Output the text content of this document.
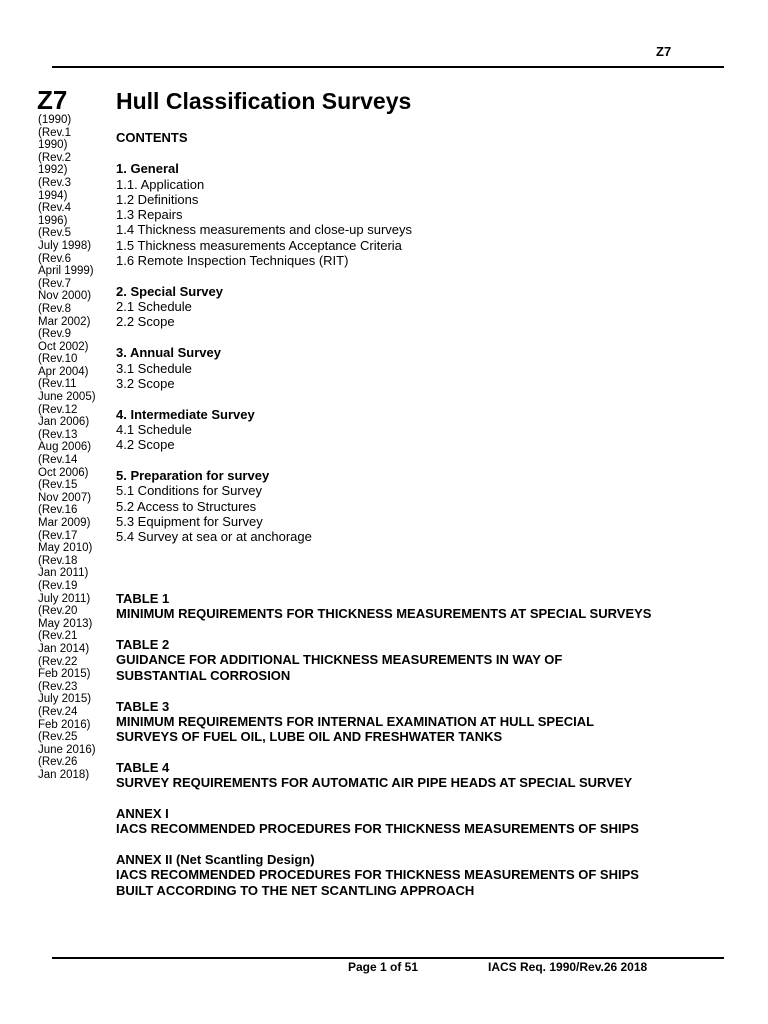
Z7
Z7
(1990)
(Rev.1
1990)
(Rev.2
1992)
(Rev.3
1994)
(Rev.4
1996)
(Rev.5
July 1998)
(Rev.6
April 1999)
(Rev.7
Nov 2000)
(Rev.8
Mar 2002)
(Rev.9
Oct 2002)
(Rev.10
Apr 2004)
(Rev.11
June 2005)
(Rev.12
Jan 2006)
(Rev.13
Aug 2006)
(Rev.14
Oct 2006)
(Rev.15
Nov 2007)
(Rev.16
Mar 2009)
(Rev.17
May 2010)
(Rev.18
Jan 2011)
(Rev.19
July 2011)
(Rev.20
May 2013)
(Rev.21
Jan 2014)
(Rev.22
Feb 2015)
(Rev.23
July 2015)
(Rev.24
Feb 2016)
(Rev.25
June 2016)
(Rev.26
Jan 2018)
Hull Classification Surveys
CONTENTS
1. General
1.1. Application
1.2 Definitions
1.3 Repairs
1.4 Thickness measurements and close-up surveys
1.5 Thickness measurements Acceptance Criteria
1.6 Remote Inspection Techniques (RIT)
2. Special Survey
2.1 Schedule
2.2 Scope
3. Annual Survey
3.1 Schedule
3.2 Scope
4. Intermediate Survey
4.1 Schedule
4.2 Scope
5. Preparation for survey
5.1 Conditions for Survey
5.2 Access to Structures
5.3 Equipment for Survey
5.4 Survey at sea or at anchorage
TABLE 1
MINIMUM REQUIREMENTS FOR THICKNESS MEASUREMENTS AT SPECIAL SURVEYS
TABLE 2
GUIDANCE FOR ADDITIONAL THICKNESS MEASUREMENTS IN WAY OF
SUBSTANTIAL CORROSION
TABLE 3
MINIMUM REQUIREMENTS FOR INTERNAL EXAMINATION AT HULL SPECIAL
SURVEYS OF FUEL OIL, LUBE OIL AND FRESHWATER TANKS
TABLE 4
SURVEY REQUIREMENTS FOR AUTOMATIC AIR PIPE HEADS AT SPECIAL SURVEY
ANNEX I
IACS RECOMMENDED PROCEDURES FOR THICKNESS MEASUREMENTS OF SHIPS
ANNEX II (Net Scantling Design)
IACS RECOMMENDED PROCEDURES FOR THICKNESS MEASUREMENTS OF SHIPS
BUILT ACCORDING TO THE NET SCANTLING APPROACH
Page 1 of 51	IACS Req. 1990/Rev.26 2018
